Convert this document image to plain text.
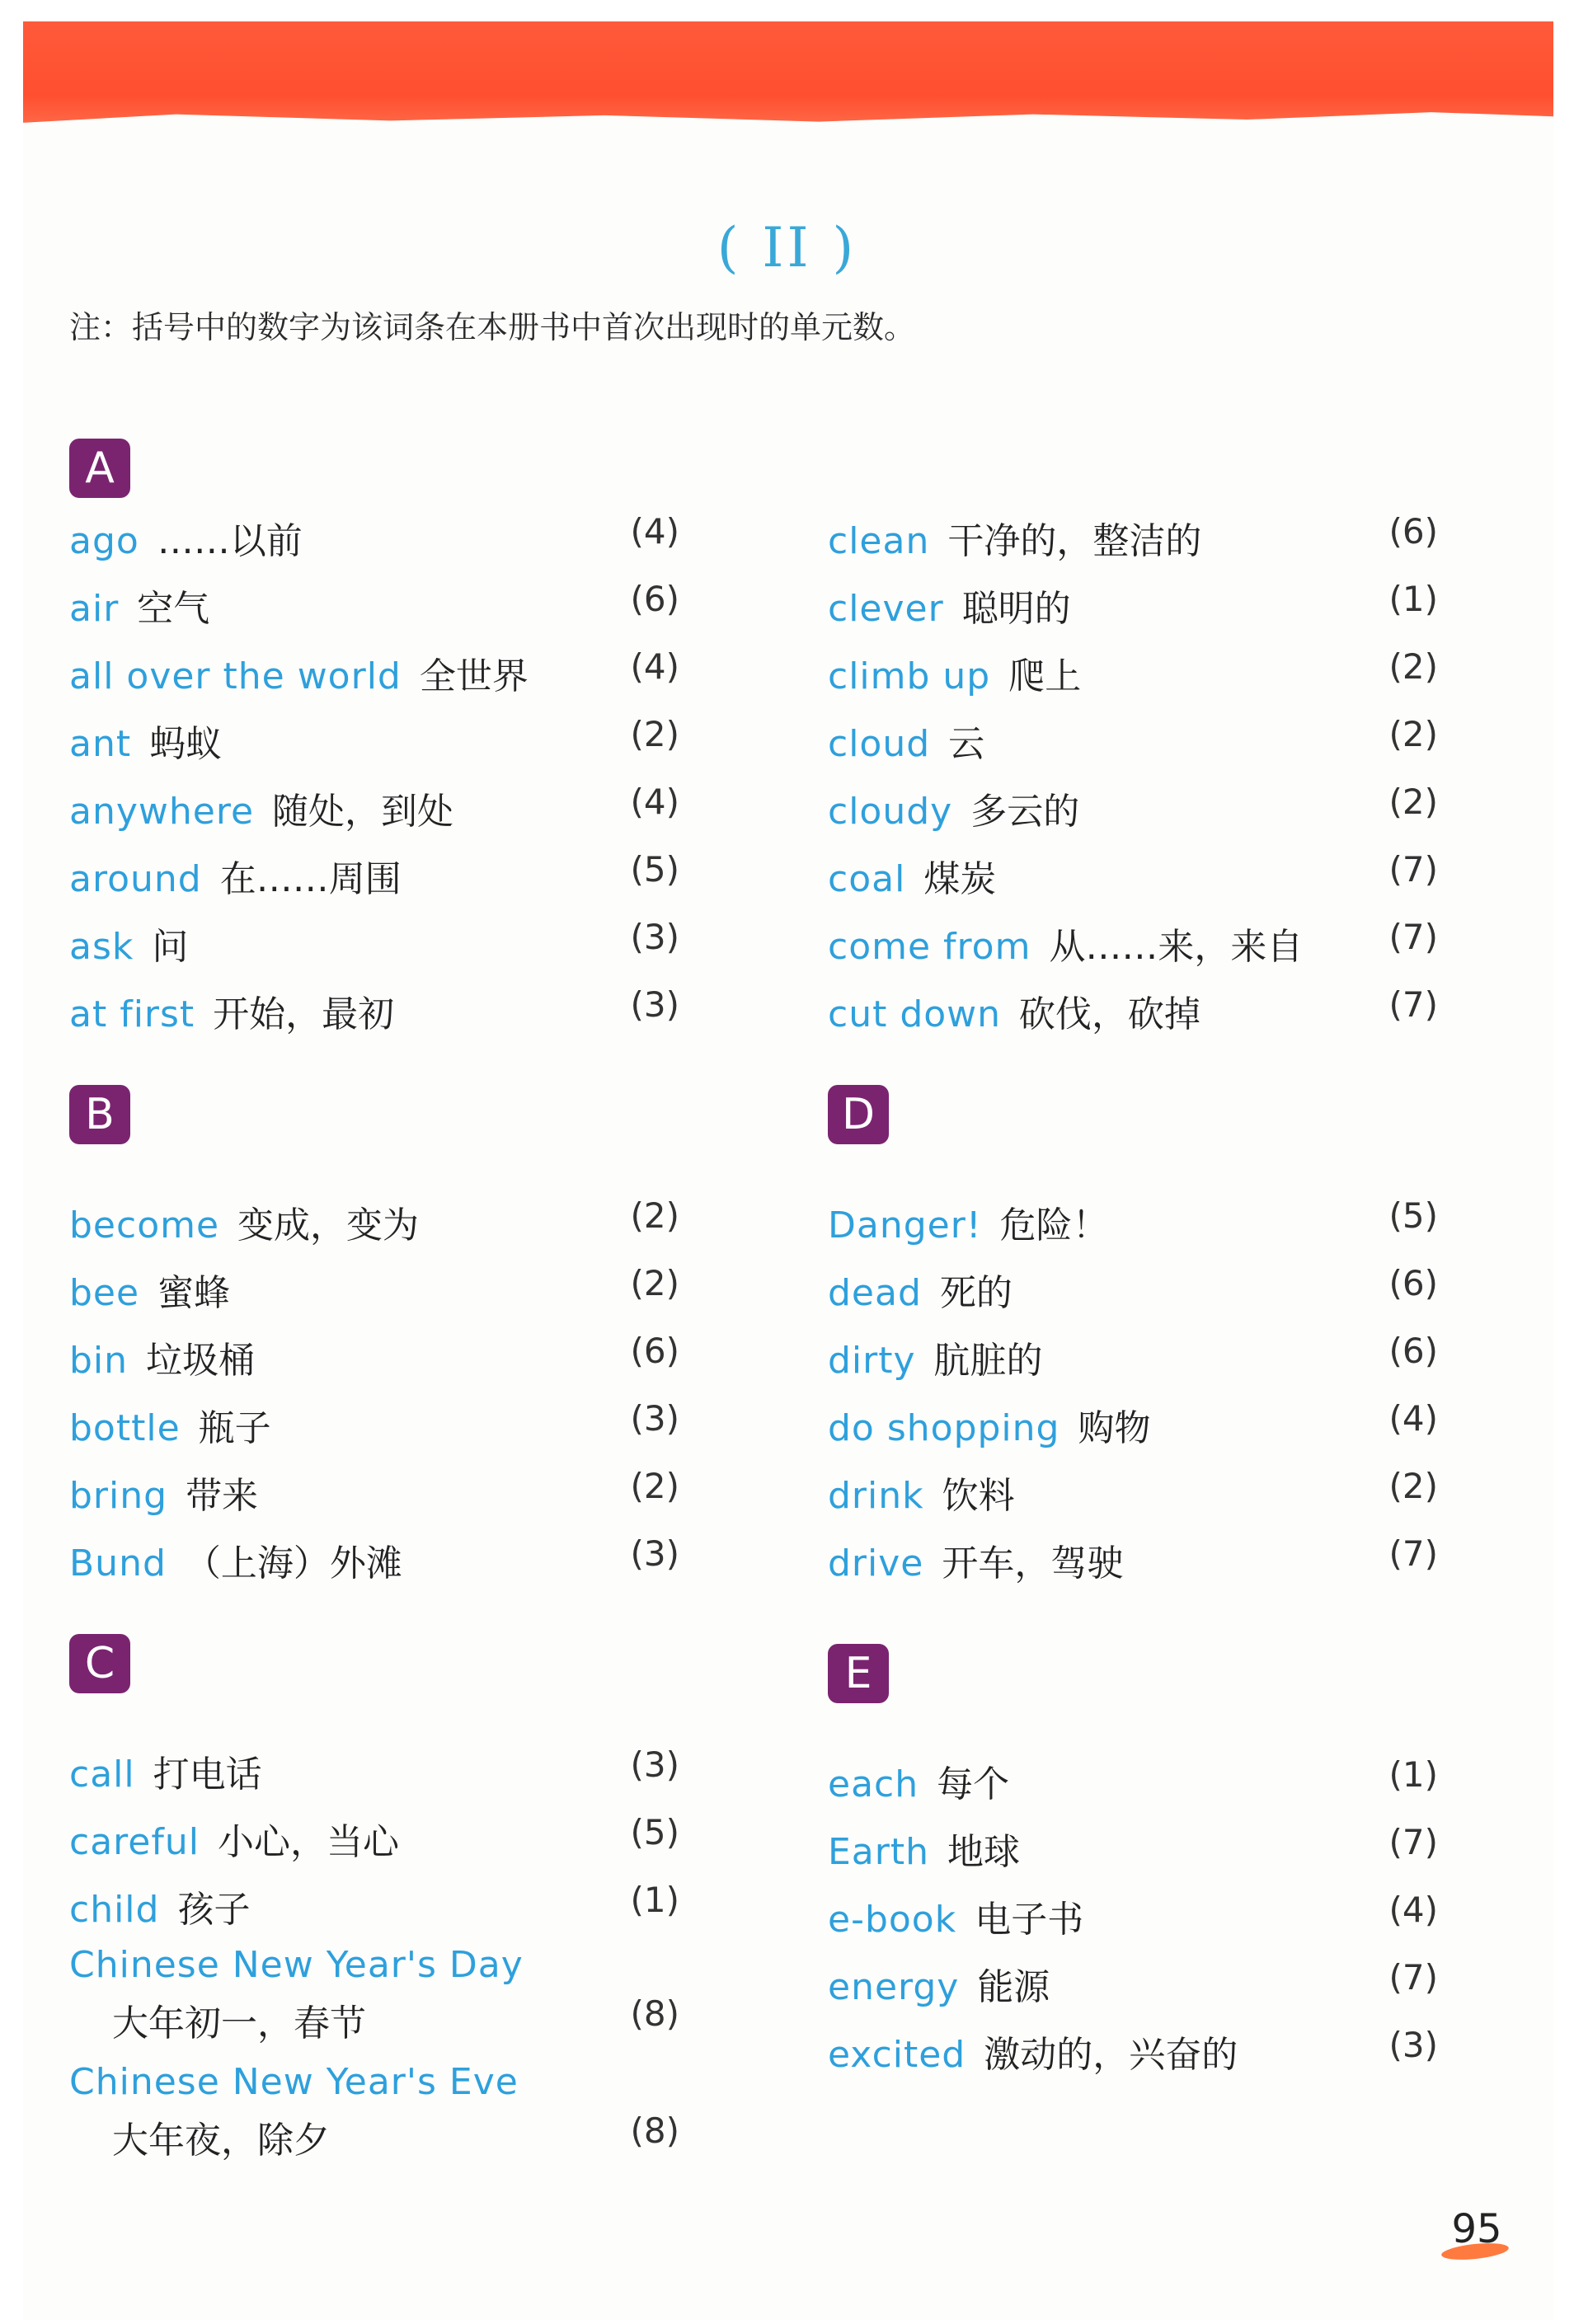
( II )
注：括号中的数字为该词条在本册书中首次出现时的单元数。
A
ago ……以前	(4)
air 空气	(6)
all over the world 全世界	(4)
ant 蚂蚁	(2)
anywhere 随处，到处	(4)
around 在……周围	(5)
ask 问	(3)
at first 开始，最初	(3)
B
become 变成，变为	(2)
bee 蜜蜂	(2)
bin 垃圾桶	(6)
bottle 瓶子	(3)
bring 带来	(2)
Bund （上海）外滩	(3)
C
call 打电话	(3)
careful 小心，当心	(5)
child 孩子	(1)
Chinese New Year's Day
大年初一，春节	(8)
Chinese New Year's Eve
大年夜，除夕	(8)
clean 干净的，整洁的	(6)
clever 聪明的	(1)
climb up 爬上	(2)
cloud 云	(2)
cloudy 多云的	(2)
coal 煤炭	(7)
come from 从……来，来自 (7)
cut down 砍伐，砍掉	(7)
D
Danger! 危险！	(5)
dead 死的	(6)
dirty 肮脏的	(6)
do shopping 购物	(4)
drink 饮料	(2)
drive 开车，驾驶	(7)
E
each 每个	(1)
Earth 地球	(7)
e-book 电子书	(4)
energy 能源	(7)
excited 激动的，兴奋的	(3)
95
